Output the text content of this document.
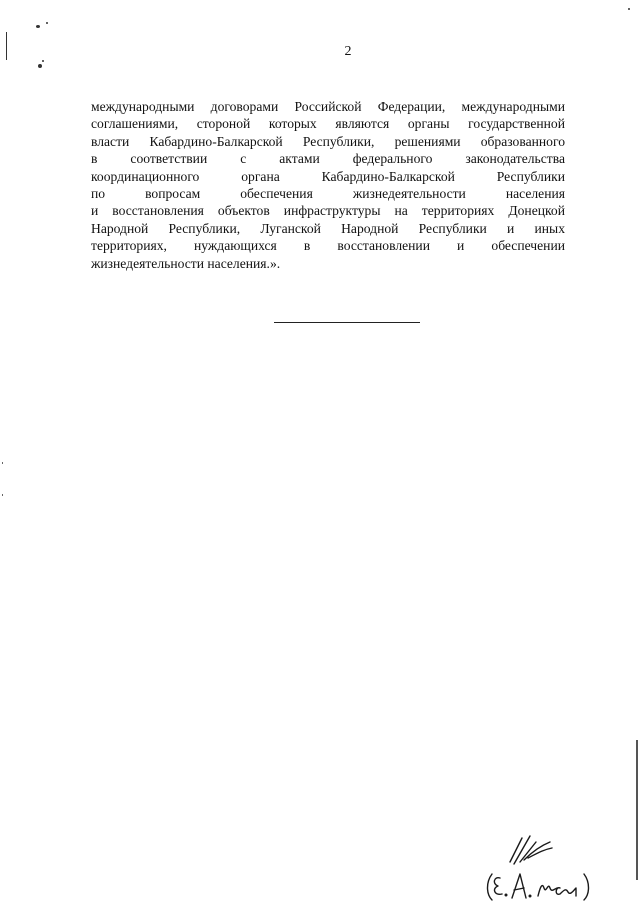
2
международными договорами Российской Федерации, международными
соглашениями, стороной которых являются органы государственной
власти Кабардино-Балкарской Республики, решениями образованного
в соответствии с актами федерального законодательства
координационного органа Кабардино-Балкарской Республики
по вопросам обеспечения жизнедеятельности населения
и восстановления объектов инфраструктуры на территориях Донецкой
Народной Республики, Луганской Народной Республики и иных
территориях, нуждающихся в восстановлении и обеспечении
жизнедеятельности населения.».
